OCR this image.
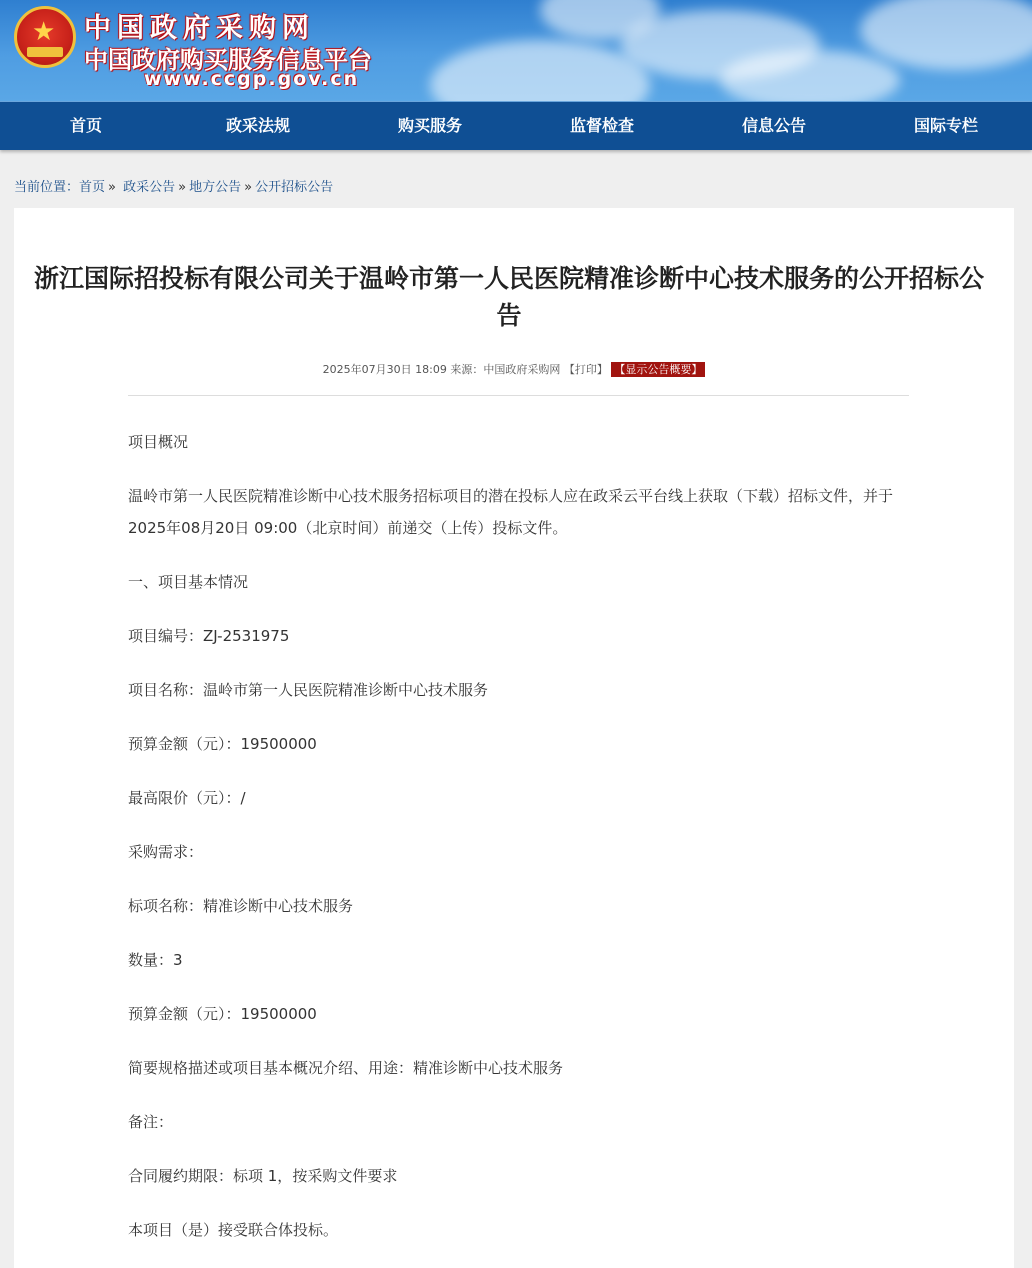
★ 中国政府采购网
中国政府购买服务信息平台
www.ccgp.gov.cn
首页	政采法规	购买服务	监督检查	信息公告	国际专栏
当前位置：首页 » 政采公告 » 地方公告 » 公开招标公告
浙江国际招投标有限公司关于温岭市第一人民医院精准诊断中心技术服务的公开招标公告
2025年07月30日 18:09 来源：中国政府采购网 【打印】 【显示公告概要】

项目概况

温岭市第一人民医院精准诊断中心技术服务招标项目的潜在投标人应在政采云平台线上获取（下载）招标文件，并于2025年08月20日 09:00（北京时间）前递交（上传）投标文件。

一、项目基本情况

项目编号：ZJ-2531975

项目名称：温岭市第一人民医院精准诊断中心技术服务

预算金额（元）：19500000

最高限价（元）：/

采购需求：

标项名称：精准诊断中心技术服务

数量：3

预算金额（元）：19500000

简要规格描述或项目基本概况介绍、用途：精准诊断中心技术服务

备注：

合同履约期限：标项 1，按采购文件要求

本项目（是）接受联合体投标。
